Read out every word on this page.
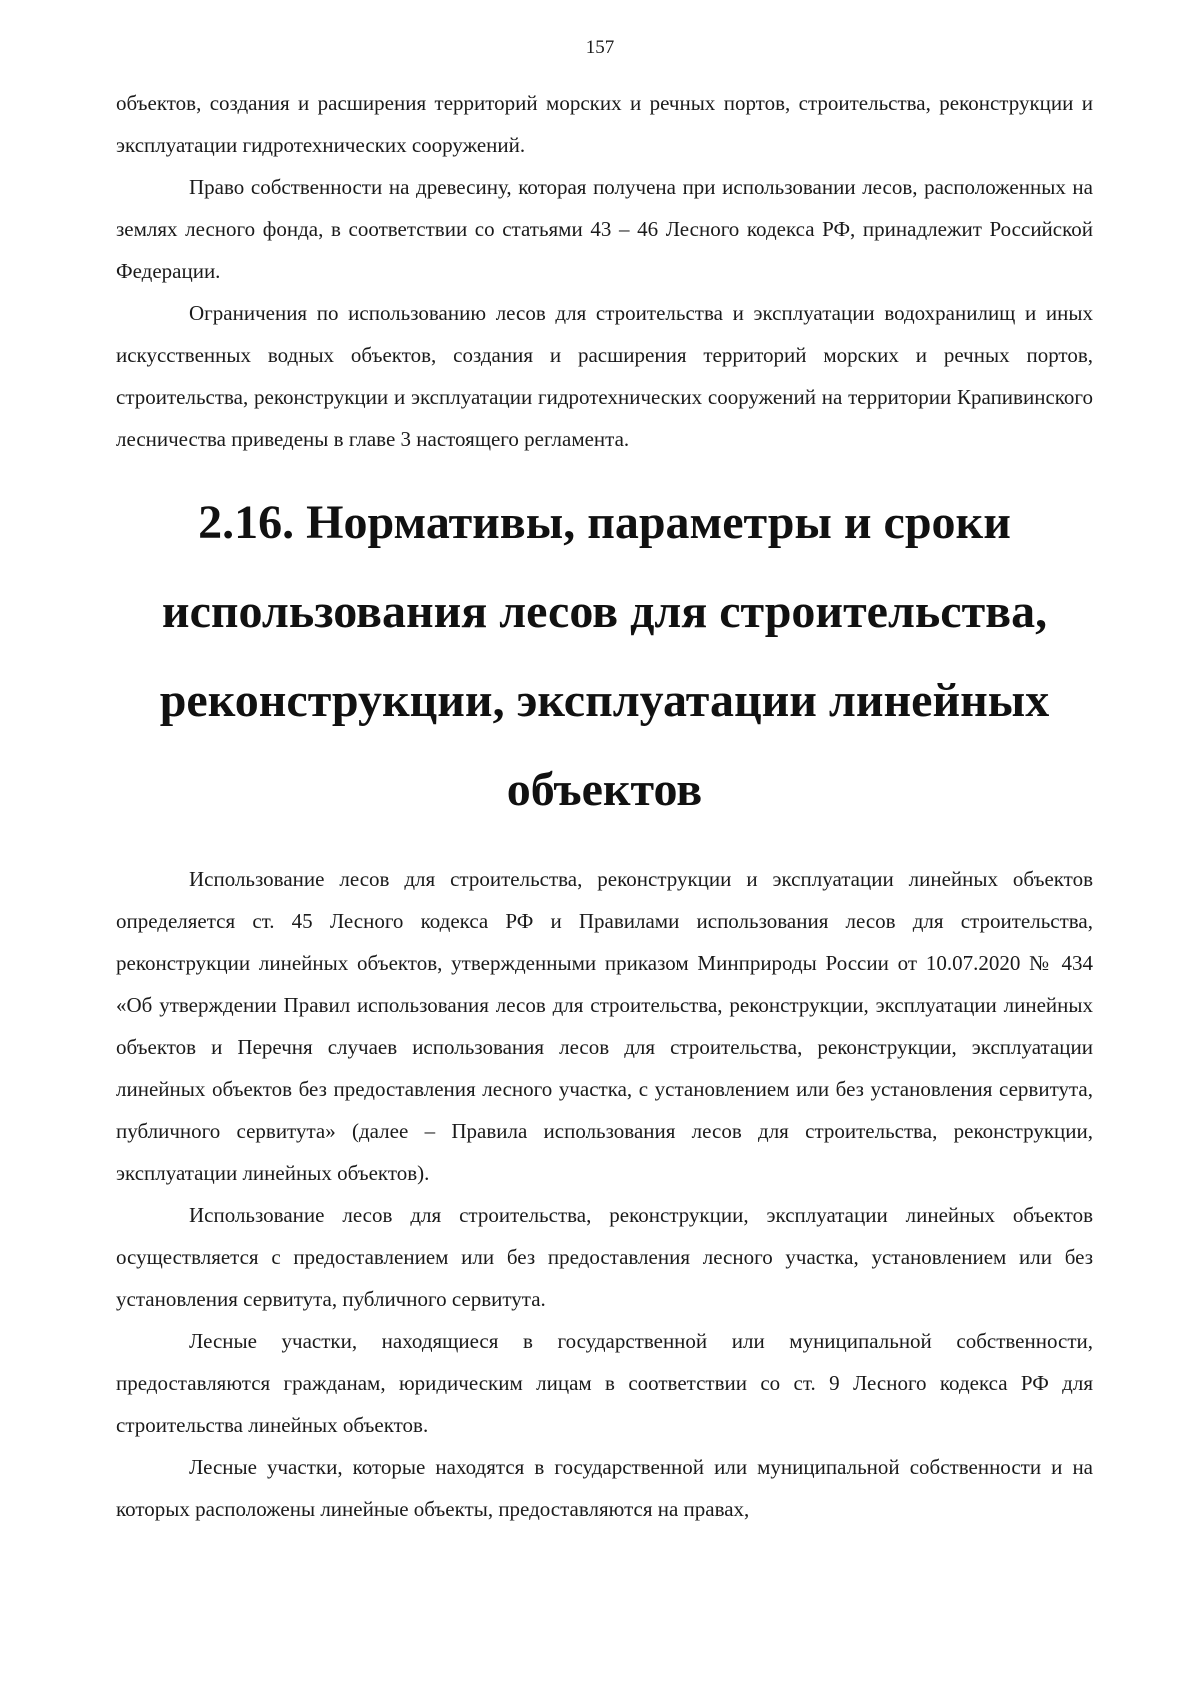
157

объектов, создания и расширения территорий морских и речных портов, строительства, реконструкции и эксплуатации гидротехнических сооружений.

Право собственности на древесину, которая получена при использовании лесов, расположенных на землях лесного фонда, в соответствии со статьями 43 – 46 Лесного кодекса РФ, принадлежит Российской Федерации.

Ограничения по использованию лесов для строительства и эксплуатации водохранилищ и иных искусственных водных объектов, создания и расширения территорий морских и речных портов, строительства, реконструкции и эксплуатации гидротехнических сооружений на территории Крапивинского лесничества приведены в главе 3 настоящего регламента.

2.16. Нормативы, параметры и сроки
использования лесов для строительства,
реконструкции, эксплуатации линейных
объектов

Использование лесов для строительства, реконструкции и эксплуатации линейных объектов определяется ст. 45 Лесного кодекса РФ и Правилами использования лесов для строительства, реконструкции линейных объектов, утвержденными приказом Минприроды России от 10.07.2020 № 434 «Об утверждении Правил использования лесов для строительства, реконструкции, эксплуатации линейных объектов и Перечня случаев использования лесов для строительства, реконструкции, эксплуатации линейных объектов без предоставления лесного участка, с установлением или без установления сервитута, публичного сервитута» (далее – Правила использования лесов для строительства, реконструкции, эксплуатации линейных объектов).

Использование лесов для строительства, реконструкции, эксплуатации линейных объектов осуществляется с предоставлением или без предоставления лесного участка, установлением или без установления сервитута, публичного сервитута.

Лесные участки, находящиеся в государственной или муниципальной собственности, предоставляются гражданам, юридическим лицам в соответствии со ст. 9 Лесного кодекса РФ для строительства линейных объектов.

Лесные участки, которые находятся в государственной или муниципальной собственности и на которых расположены линейные объекты, предоставляются на правах,
